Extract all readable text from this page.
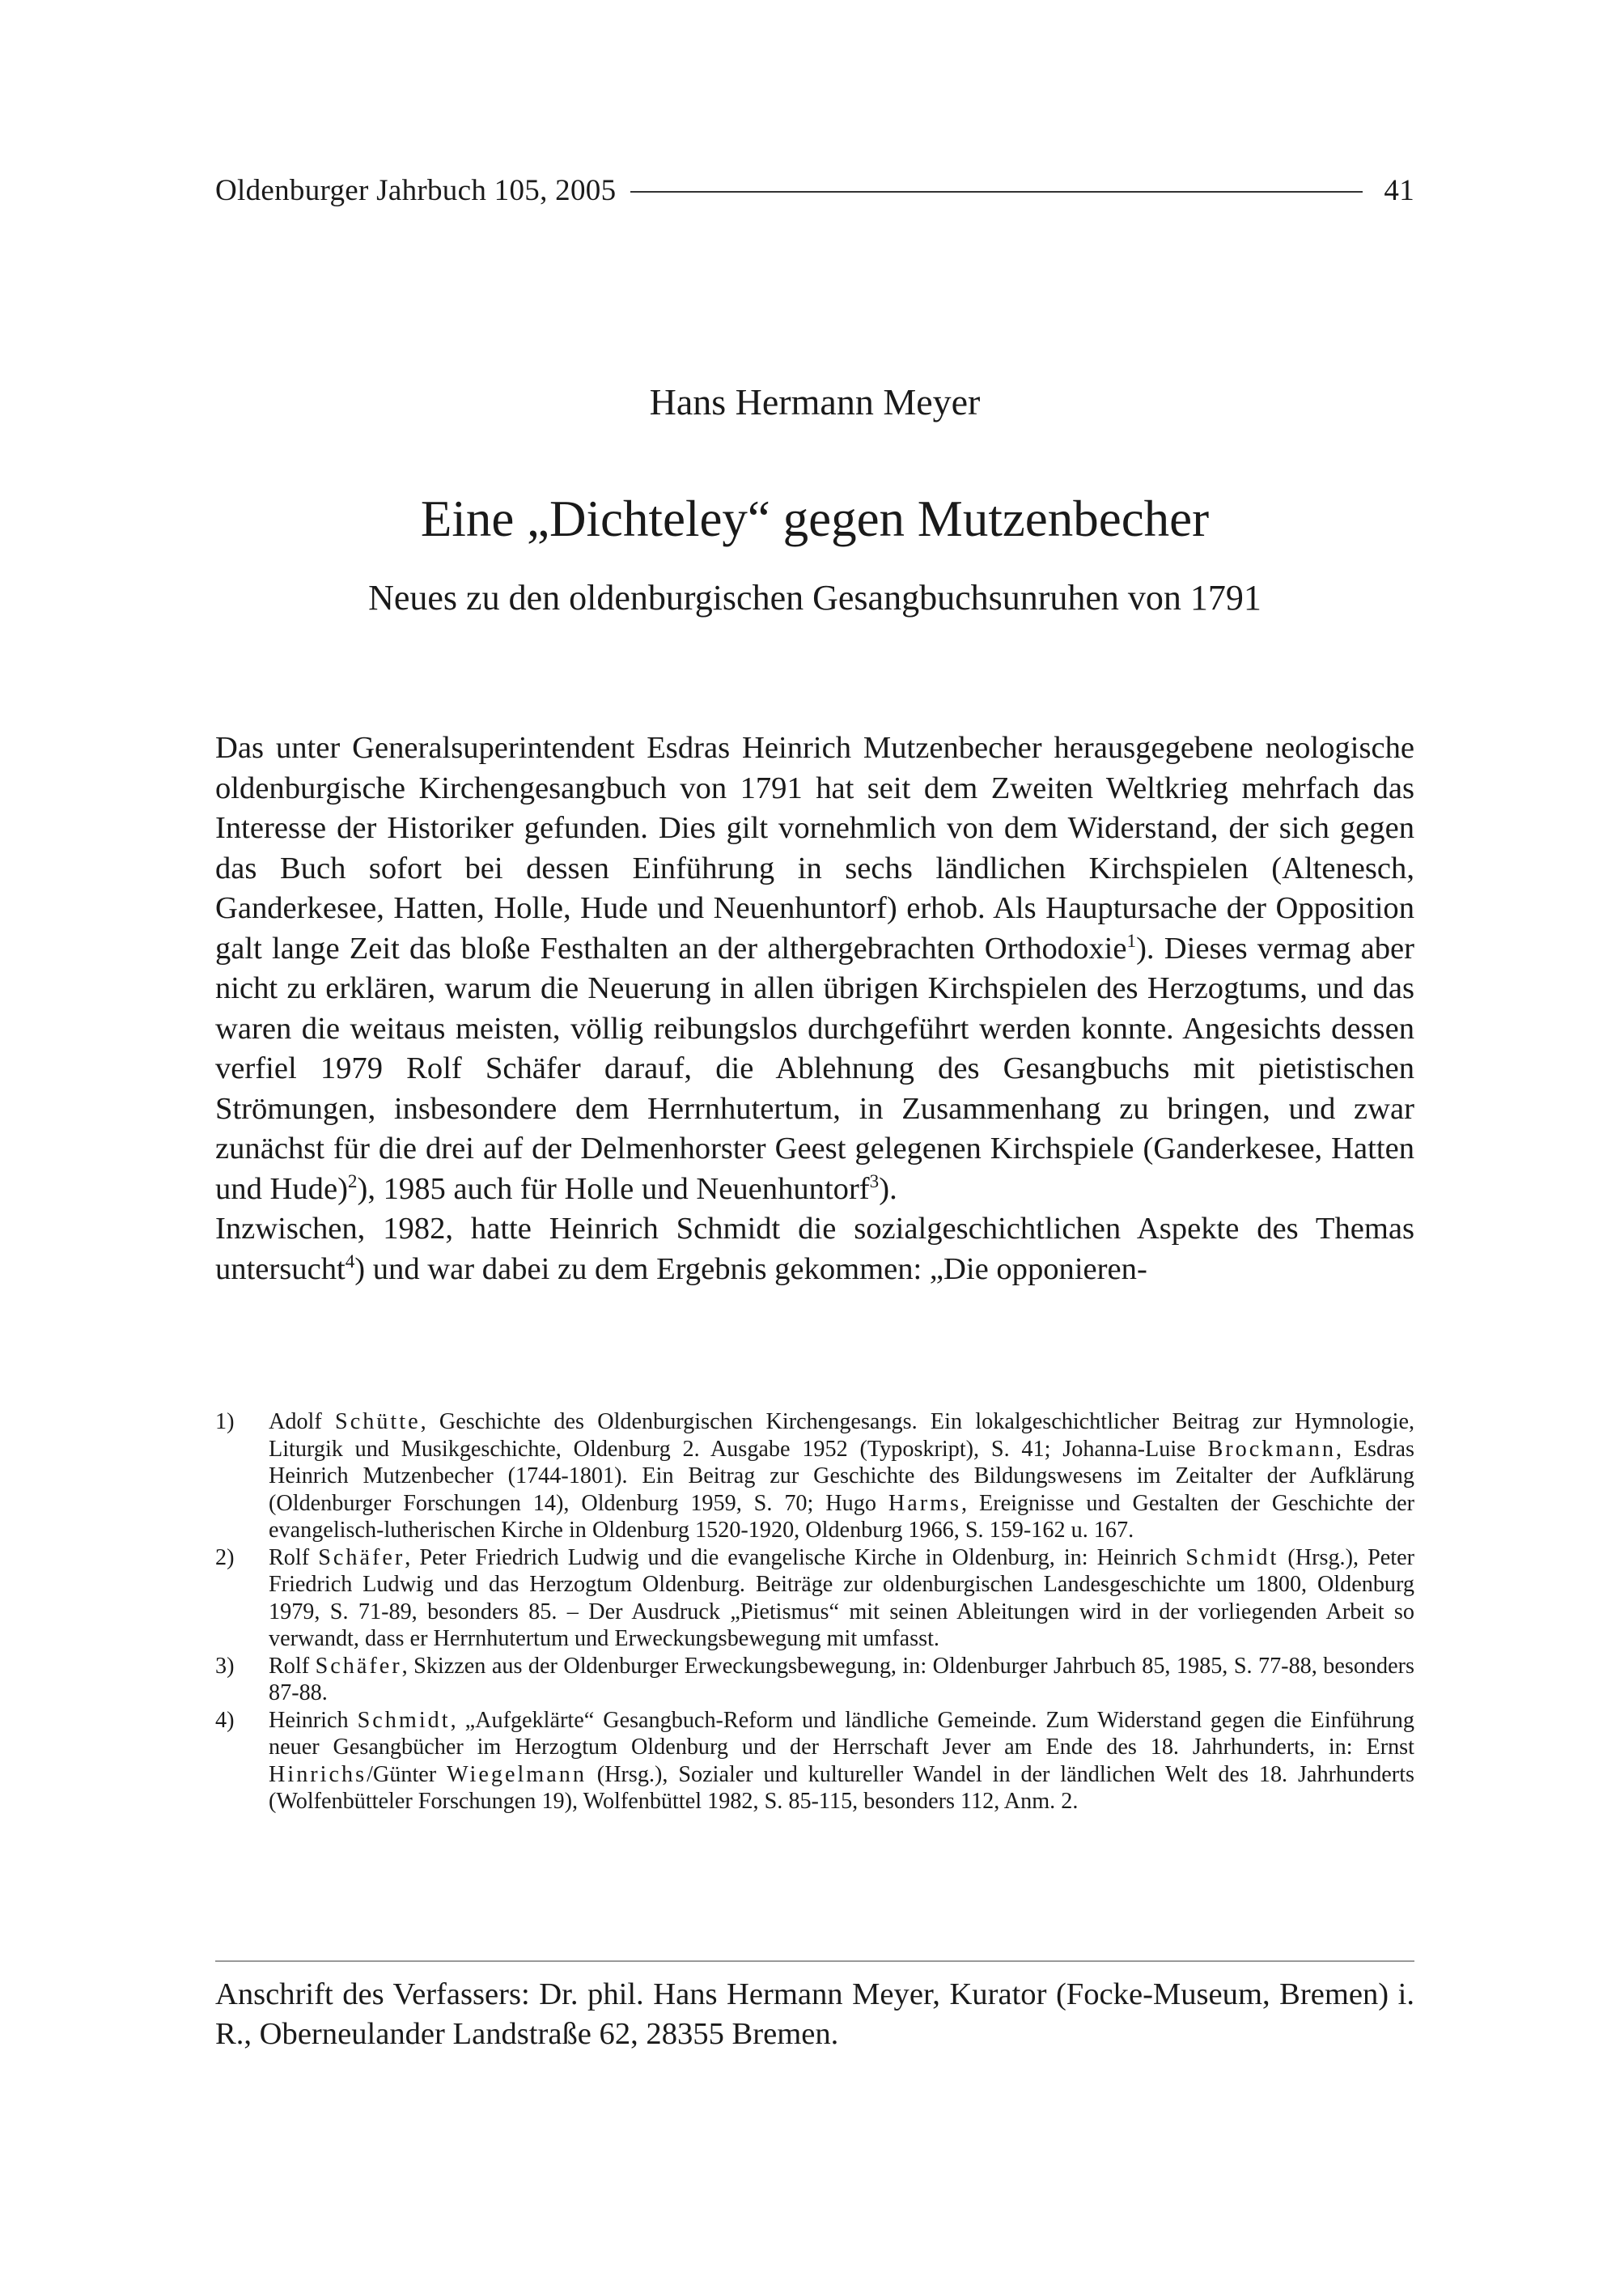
Oldenburger Jahrbuch 105, 2005	41
Hans Hermann Meyer
Eine „Dichteley“ gegen Mutzenbecher
Neues zu den oldenburgischen Gesangbuchsunruhen von 1791

Das unter Generalsuperintendent Esdras Heinrich Mutzenbecher herausgegebene neologische oldenburgische Kirchengesangbuch von 1791 hat seit dem Zweiten Weltkrieg mehrfach das Interesse der Historiker gefunden. Dies gilt vornehmlich von dem Widerstand, der sich gegen das Buch sofort bei dessen Einführung in sechs ländlichen Kirchspielen (Altenesch, Ganderkesee, Hatten, Holle, Hude und Neuenhuntorf) erhob. Als Hauptursache der Opposition galt lange Zeit das bloße Festhalten an der althergebrachten Orthodoxie$^1$). Dieses vermag aber nicht zu erklären, warum die Neuerung in allen übrigen Kirchspielen des Herzogtums, und das waren die weitaus meisten, völlig reibungslos durchgeführt werden konnte. Angesichts dessen verfiel 1979 Rolf Schäfer darauf, die Ablehnung des Gesangbuchs mit pietistischen Strömungen, insbesondere dem Herrnhutertum, in Zusammenhang zu bringen, und zwar zunächst für die drei auf der Delmenhorster Geest gelegenen Kirchspiele (Ganderkesee, Hatten und Hude)$^2$), 1985 auch für Holle und Neuenhuntorf$^3$).

Inzwischen, 1982, hatte Heinrich Schmidt die sozialgeschichtlichen Aspekte des Themas untersucht$^4$) und war dabei zu dem Ergebnis gekommen: „Die opponieren-

1)	Adolf Schütte, Geschichte des Oldenburgischen Kirchengesangs. Ein lokalgeschichtlicher Beitrag zur Hymnologie, Liturgik und Musikgeschichte, Oldenburg 2. Ausgabe 1952 (Typoskript), S. 41; Johanna-Luise Brockmann, Esdras Heinrich Mutzenbecher (1744-1801). Ein Beitrag zur Geschichte des Bildungswesens im Zeitalter der Aufklärung (Oldenburger Forschungen 14), Oldenburg 1959, S. 70; Hugo Harms, Ereignisse und Gestalten der Geschichte der evangelisch-lutherischen Kirche in Oldenburg 1520-1920, Oldenburg 1966, S. 159-162 u. 167.
2)	Rolf Schäfer, Peter Friedrich Ludwig und die evangelische Kirche in Oldenburg, in: Heinrich Schmidt (Hrsg.), Peter Friedrich Ludwig und das Herzogtum Oldenburg. Beiträge zur oldenburgischen Landesgeschichte um 1800, Oldenburg 1979, S. 71-89, besonders 85. – Der Ausdruck „Pietismus“ mit seinen Ableitungen wird in der vorliegenden Arbeit so verwandt, dass er Herrnhutertum und Erweckungsbewegung mit umfasst.
3)	Rolf Schäfer, Skizzen aus der Oldenburger Erweckungsbewegung, in: Oldenburger Jahrbuch 85, 1985, S. 77-88, besonders 87-88.
4)	Heinrich Schmidt, „Aufgeklärte“ Gesangbuch-Reform und ländliche Gemeinde. Zum Widerstand gegen die Einführung neuer Gesangbücher im Herzogtum Oldenburg und der Herrschaft Jever am Ende des 18. Jahrhunderts, in: Ernst Hinrichs/Günter Wiegelmann (Hrsg.), Sozialer und kultureller Wandel in der ländlichen Welt des 18. Jahrhunderts (Wolfenbütteler Forschungen 19), Wolfenbüttel 1982, S. 85-115, besonders 112, Anm. 2.
Anschrift des Verfassers: Dr. phil. Hans Hermann Meyer, Kurator (Focke-Museum, Bremen) i. R., Oberneulander Landstraße 62, 28355 Bremen.
